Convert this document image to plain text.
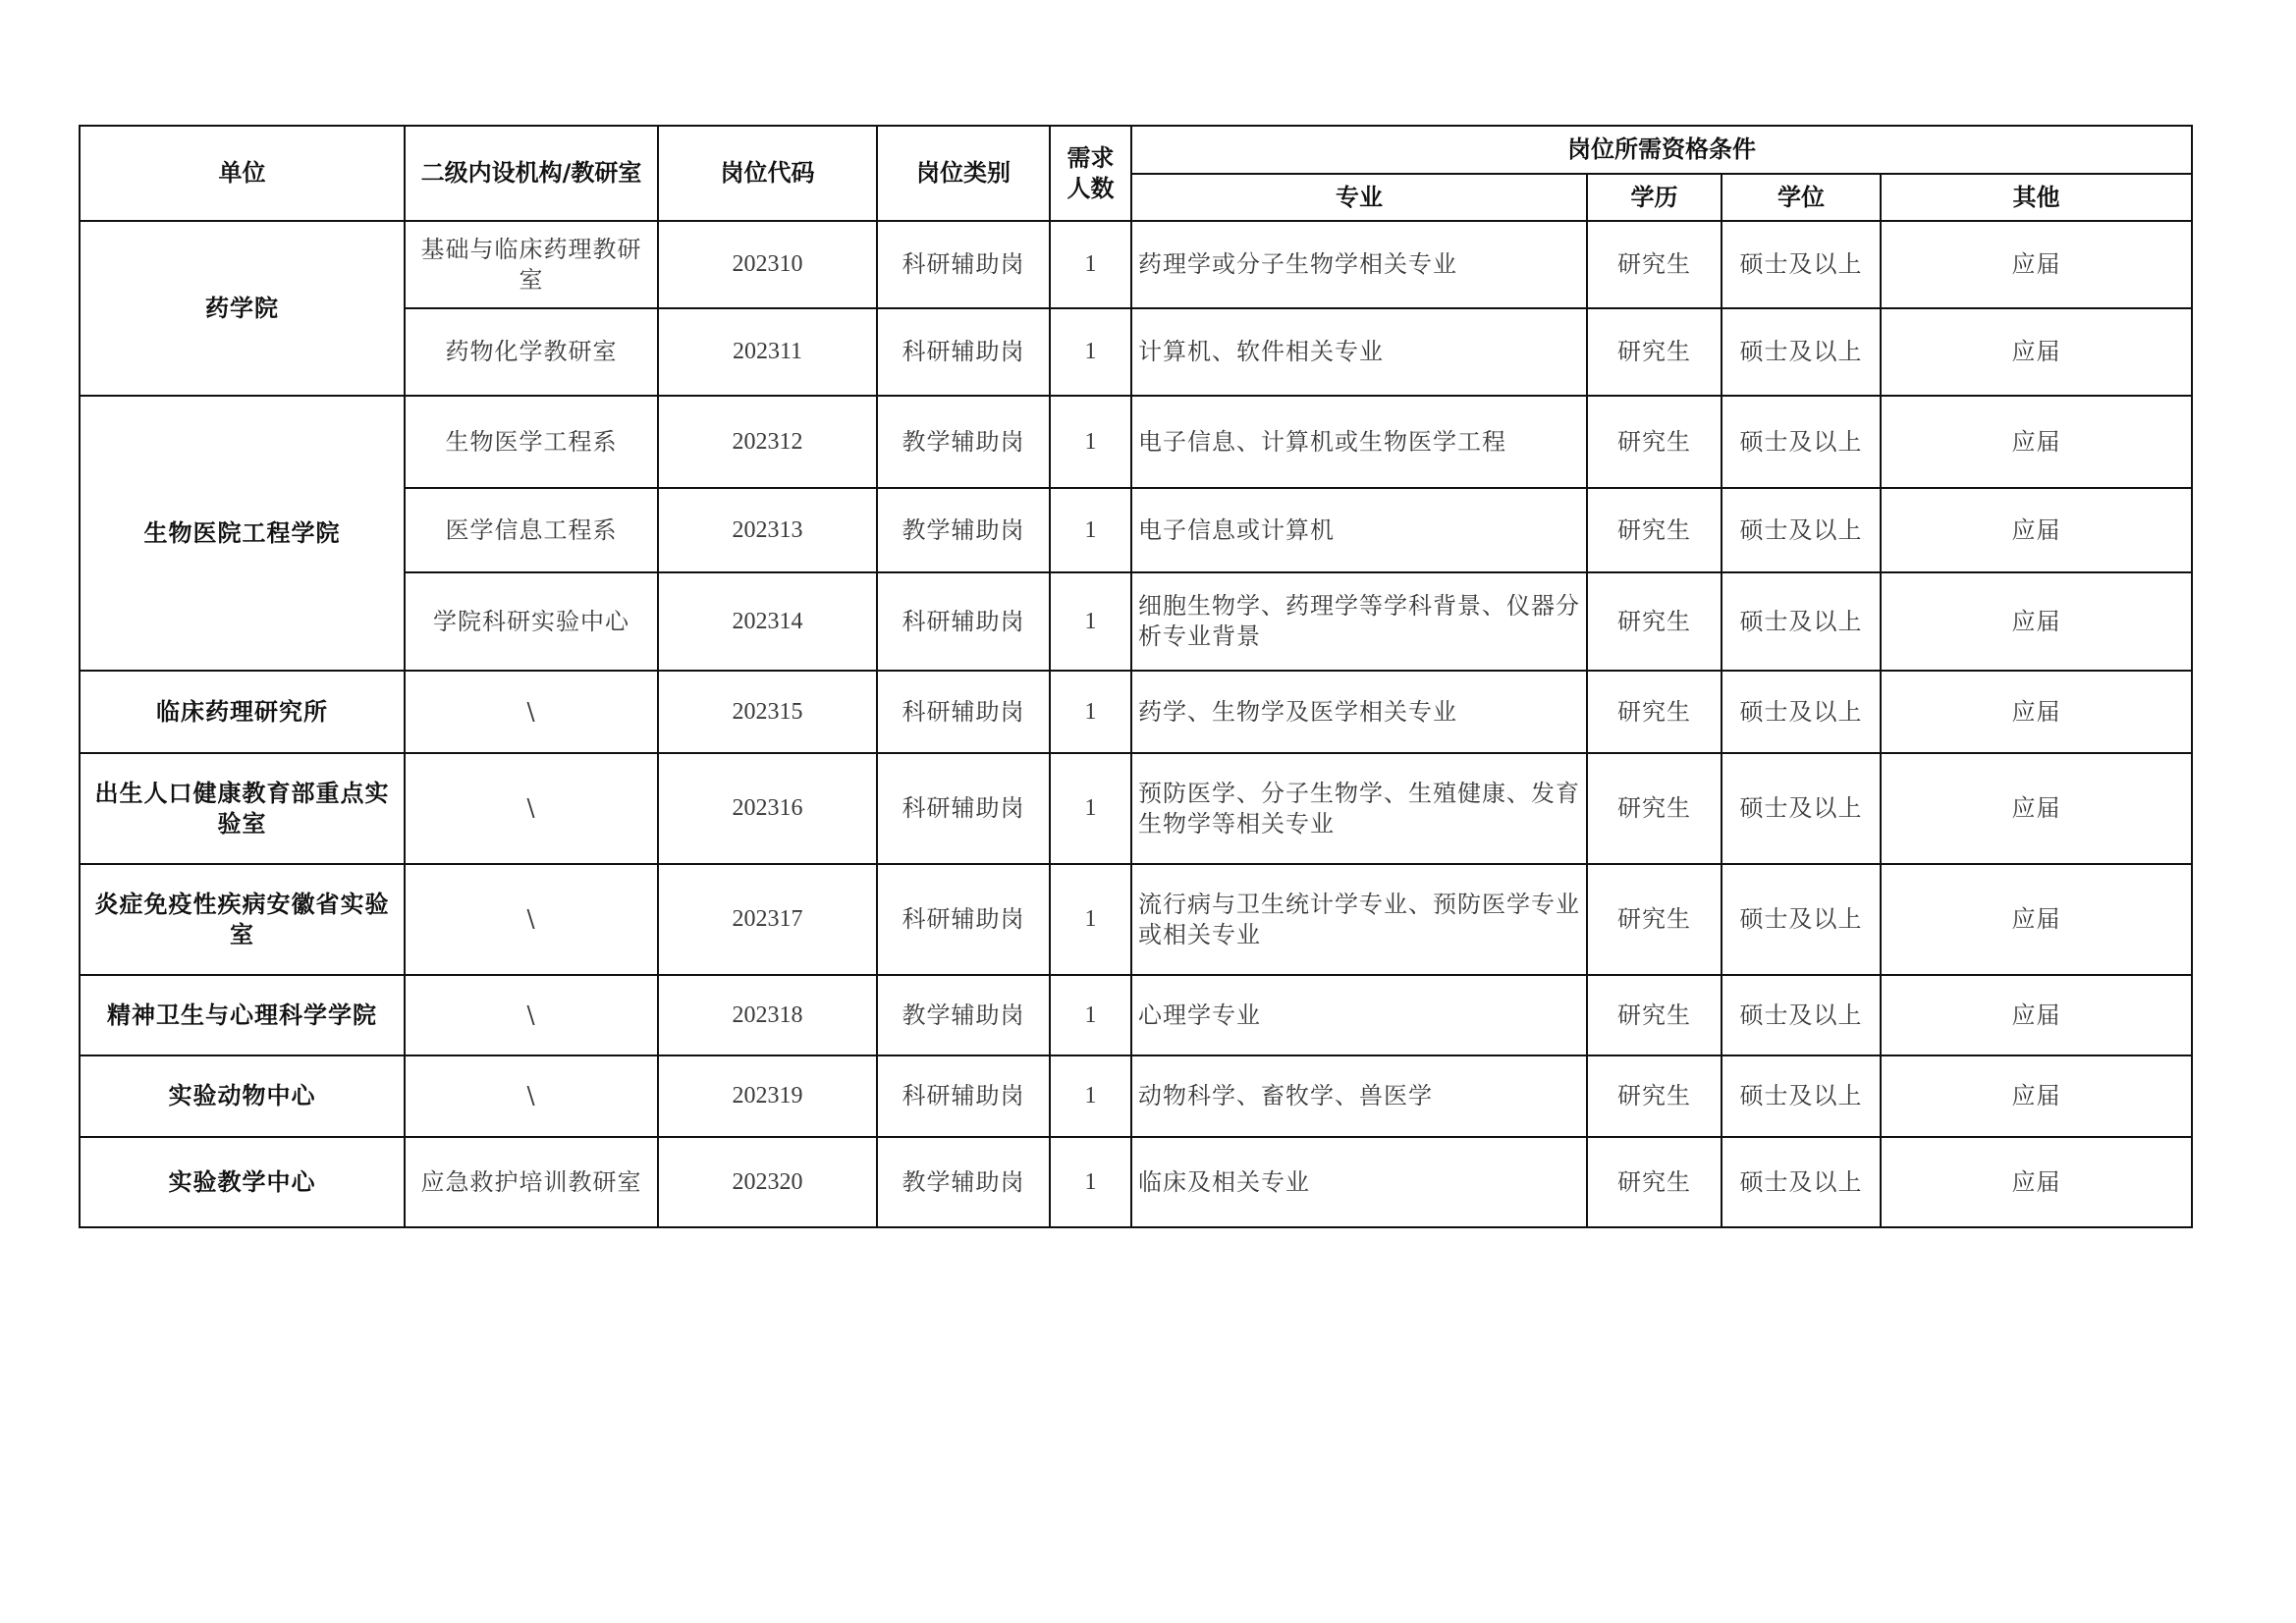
单位	二级内设机构/教研室	岗位代码	岗位类别	需求人数	岗位所需资格条件			
					专业	学历	学位	其他
药学院	基础与临床药理教研室	202310	科研辅助岗	1	药理学或分子生物学相关专业	研究生	硕士及以上	应届
	药物化学教研室	202311	科研辅助岗	1	计算机、软件相关专业	研究生	硕士及以上	应届
生物医院工程学院	生物医学工程系	202312	教学辅助岗	1	电子信息、计算机或生物医学工程	研究生	硕士及以上	应届
	医学信息工程系	202313	教学辅助岗	1	电子信息或计算机	研究生	硕士及以上	应届
	学院科研实验中心	202314	科研辅助岗	1	细胞生物学、药理学等学科背景、仪器分析专业背景	研究生	硕士及以上	应届
临床药理研究所	\	202315	科研辅助岗	1	药学、生物学及医学相关专业	研究生	硕士及以上	应届
出生人口健康教育部重点实验室	\	202316	科研辅助岗	1	预防医学、分子生物学、生殖健康、发育生物学等相关专业	研究生	硕士及以上	应届
炎症免疫性疾病安徽省实验室	\	202317	科研辅助岗	1	流行病与卫生统计学专业、预防医学专业或相关专业	研究生	硕士及以上	应届
精神卫生与心理科学学院	\	202318	教学辅助岗	1	心理学专业	研究生	硕士及以上	应届
实验动物中心	\	202319	科研辅助岗	1	动物科学、畜牧学、兽医学	研究生	硕士及以上	应届
实验教学中心	应急救护培训教研室	202320	教学辅助岗	1	临床及相关专业	研究生	硕士及以上	应届
